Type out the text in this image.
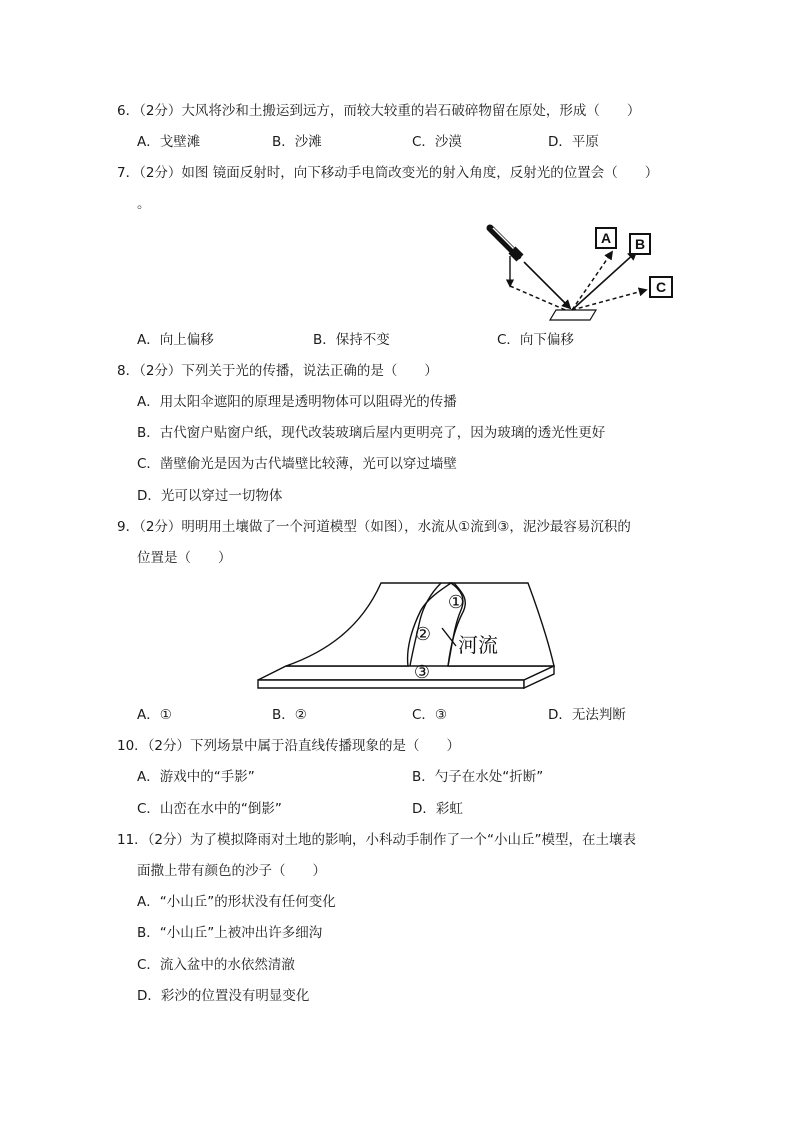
6．（2分）大风将沙和土搬运到远方，而较大较重的岩石破碎物留在原处，形成（　　）
A．戈壁滩	B．沙滩	C．沙漠	D．平原
7．（2分）如图 镜面反射时，向下移动手电筒改变光的射入角度，反射光的位置会（　　）
。
A B
C
A．向上偏移	B．保持不变	C．向下偏移
8．（2分）下列关于光的传播，说法正确的是（　　）
A．用太阳伞遮阳的原理是透明物体可以阻碍光的传播
B．古代窗户贴窗户纸，现代改装玻璃后屋内更明亮了，因为玻璃的透光性更好
C．凿壁偷光是因为古代墙壁比较薄，光可以穿过墙壁
D．光可以穿过一切物体
9．（2分）明明用土壤做了一个河道模型（如图），水流从①流到③，泥沙最容易沉积的
位置是（　　）
①
②
③
河流
A．①	B．②	C．③	D．无法判断
10．（2分）下列场景中属于沿直线传播现象的是（　　）
A．游戏中的“手影”	B．勺子在水处“折断”
C．山峦在水中的“倒影”	D．彩虹
11．（2分）为了模拟降雨对土地的影响，小科动手制作了一个“小山丘”模型，在土壤表
面撒上带有颜色的沙子（　　）
A．“小山丘”的形状没有任何变化
B．“小山丘”上被冲出许多细沟
C．流入盆中的水依然清澈
D．彩沙的位置没有明显变化
